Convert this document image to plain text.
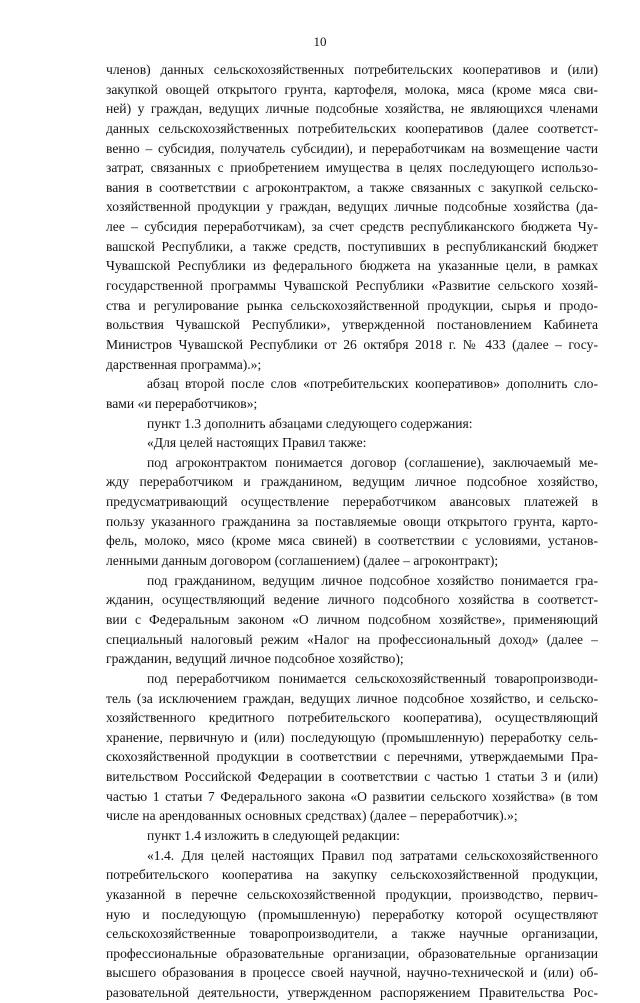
10
членов) данных сельскохозяйственных потребительских кооперативов и (или)
закупкой овощей открытого грунта, картофеля, молока, мяса (кроме мяса сви-
ней) у граждан, ведущих личные подсобные хозяйства, не являющихся членами
данных сельскохозяйственных потребительских кооперативов (далее соответст-
венно – субсидия, получатель субсидии), и переработчикам на возмещение части
затрат, связанных с приобретением имущества в целях последующего использо-
вания в соответствии с агроконтрактом, а также связанных с закупкой сельско-
хозяйственной продукции у граждан, ведущих личные подсобные хозяйства (да-
лее – субсидия переработчикам), за счет средств республиканского бюджета Чу-
вашской Республики, а также средств, поступивших в республиканский бюджет
Чувашской Республики из федерального бюджета на указанные цели, в рамках
государственной программы Чувашской Республики «Развитие сельского хозяй-
ства и регулирование рынка сельскохозяйственной продукции, сырья и продо-
вольствия Чувашской Республики», утвержденной постановлением Кабинета
Министров Чувашской Республики от 26 октября 2018 г. № 433 (далее – госу-
дарственная программа).»;
абзац второй после слов «потребительских кооперативов» дополнить сло-
вами «и переработчиков»;
пункт 1.3 дополнить абзацами следующего содержания:
«Для целей настоящих Правил также:
под агроконтрактом понимается договор (соглашение), заключаемый ме-
жду переработчиком и гражданином, ведущим личное подсобное хозяйство,
предусматривающий осуществление переработчиком авансовых платежей в
пользу указанного гражданина за поставляемые овощи открытого грунта, карто-
фель, молоко, мясо (кроме мяса свиней) в соответствии с условиями, установ-
ленными данным договором (соглашением) (далее – агроконтракт);
под гражданином, ведущим личное подсобное хозяйство понимается гра-
жданин, осуществляющий ведение личного подсобного хозяйства в соответст-
вии с Федеральным законом «О личном подсобном хозяйстве», применяющий
специальный налоговый режим «Налог на профессиональный доход» (далее –
гражданин, ведущий личное подсобное хозяйство);
под переработчиком понимается сельскохозяйственный товаропроизводи-
тель (за исключением граждан, ведущих личное подсобное хозяйство, и сельско-
хозяйственного кредитного потребительского кооператива), осуществляющий
хранение, первичную и (или) последующую (промышленную) переработку сель-
скохозяйственной продукции в соответствии с перечнями, утверждаемыми Пра-
вительством Российской Федерации в соответствии с частью 1 статьи 3 и (или)
частью 1 статьи 7 Федерального закона «О развитии сельского хозяйства» (в том
числе на арендованных основных средствах) (далее – переработчик).»;
пункт 1.4 изложить в следующей редакции:
«1.4. Для целей настоящих Правил под затратами сельскохозяйственного
потребительского кооператива на закупку сельскохозяйственной продукции,
указанной в перечне сельскохозяйственной продукции, производство, первич-
ную и последующую (промышленную) переработку которой осуществляют
сельскохозяйственные товаропроизводители, а также научные организации,
профессиональные образовательные организации, образовательные организации
высшего образования в процессе своей научной, научно-технической и (или) об-
разовательной деятельности, утвержденном распоряжением Правительства Рос-
